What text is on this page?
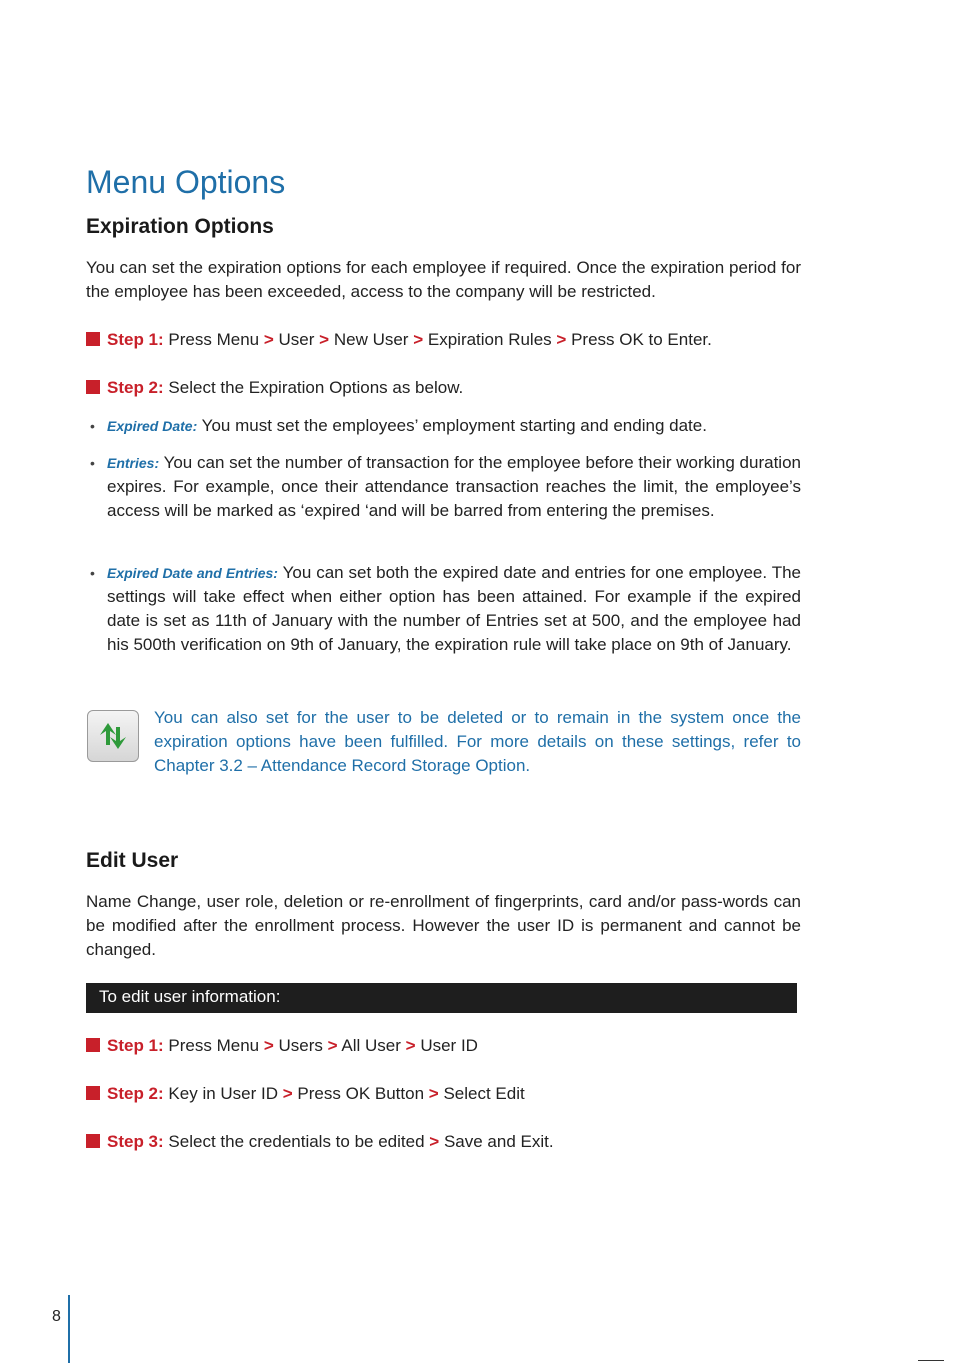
Menu Options
Expiration Options
You can set the expiration options for each employee if required. Once the expiration period for the employee has been exceeded, access to the company will be restricted.
Step 1: Press Menu > User > New User > Expiration Rules > Press OK to Enter.
Step 2: Select the Expiration Options as below.
• Expired Date: You must set the employees’ employment starting and ending date.
• Entries: You can set the number of transaction for the employee before their working duration expires. For example, once their attendance transaction reaches the limit, the employee’s access will be marked as ‘expired ‘and will be barred from entering the premises.
• Expired Date and Entries: You can set both the expired date and entries for one employee. The settings will take effect when either option has been attained. For example if the expired date is set as 11th of January with the number of Entries set at 500, and the employee had his 500th verification on 9th of January, the expiration rule will take place on 9th of January.
You can also set for the user to be deleted or to remain in the system once the expiration options have been fulfilled. For more details on these settings, refer to Chapter 3.2 – Attendance Record Storage Option.
Edit User
Name Change, user role, deletion or re-enrollment of fingerprints, card and/or pass-words can be modified after the enrollment process. However the user ID is permanent and cannot be changed.
To edit user information:
Step 1: Press Menu > Users > All User > User ID
Step 2: Key in User ID > Press OK Button > Select Edit
Step 3: Select the credentials to be edited > Save and Exit.
8
